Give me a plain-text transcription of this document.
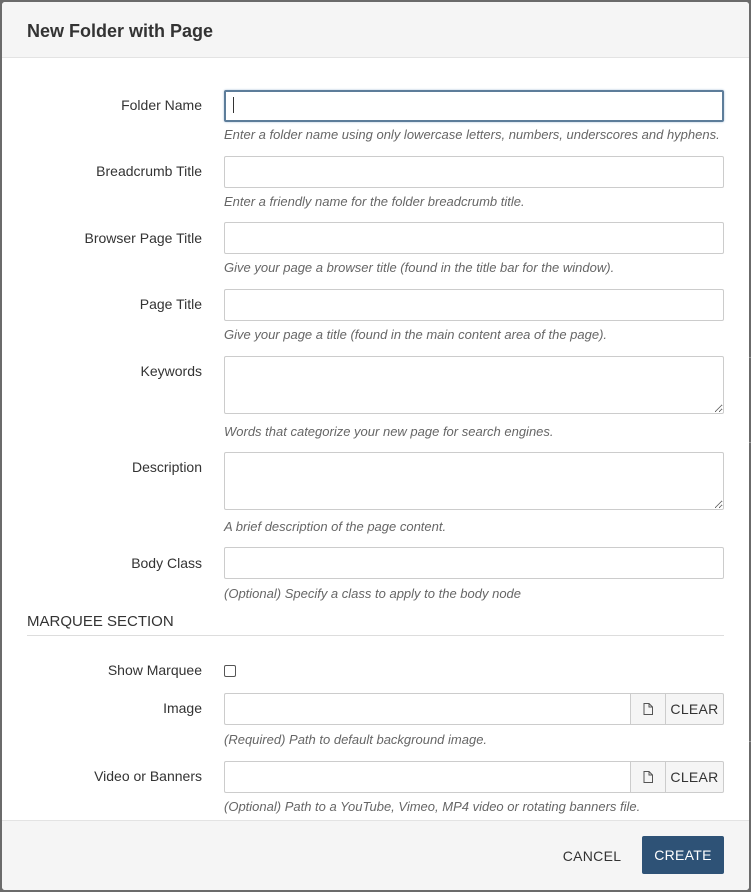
New Folder with Page
Folder Name
Enter a folder name using only lowercase letters, numbers, underscores and hyphens.
Breadcrumb Title
Enter a friendly name for the folder breadcrumb title.
Browser Page Title
Give your page a browser title (found in the title bar for the window).
Page Title
Give your page a title (found in the main content area of the page).
Keywords
Words that categorize your new page for search engines.
Description
A brief description of the page content.
Body Class
(Optional) Specify a class to apply to the body node
MARQUEE SECTION
Show Marquee
Image	CLEAR
(Required) Path to default background image.
Video or Banners	CLEAR
(Optional) Path to a YouTube, Vimeo, MP4 video or rotating banners file.
CANCEL	CREATE
